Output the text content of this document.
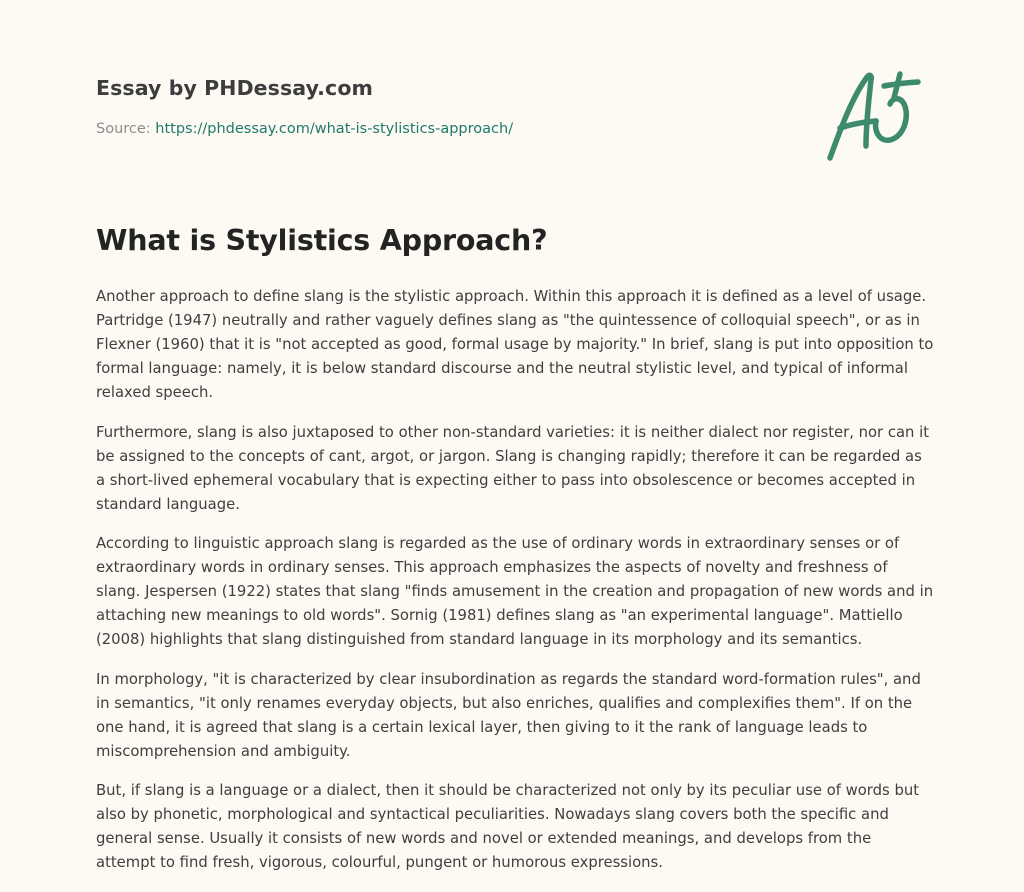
Essay by PHDessay.com
Source: https://phdessay.com/what-is-stylistics-approach/
What is Stylistics Approach?

Another approach to define slang is the stylistic approach. Within this approach it is defined as a level of usage. Partridge (1947) neutrally and rather vaguely defines slang as "the quintessence of colloquial speech", or as in Flexner (1960) that it is "not accepted as good, formal usage by majority." In brief, slang is put into opposition to formal language: namely, it is below standard discourse and the neutral stylistic level, and typical of informal relaxed speech.

Furthermore, slang is also juxtaposed to other non-standard varieties: it is neither dialect nor register, nor can it be assigned to the concepts of cant, argot, or jargon. Slang is changing rapidly; therefore it can be regarded as a short-lived ephemeral vocabulary that is expecting either to pass into obsolescence or becomes accepted in standard language.

According to linguistic approach slang is regarded as the use of ordinary words in extraordinary senses or of extraordinary words in ordinary senses. This approach emphasizes the aspects of novelty and freshness of slang. Jespersen (1922) states that slang "finds amusement in the creation and propagation of new words and in attaching new meanings to old words". Sornig (1981) defines slang as "an experimental language". Mattiello (2008) highlights that slang distinguished from standard language in its morphology and its semantics.

In morphology, "it is characterized by clear insubordination as regards the standard word-formation rules", and in semantics, "it only renames everyday objects, but also enriches, qualifies and complexifies them". If on the one hand, it is agreed that slang is a certain lexical layer, then giving to it the rank of language leads to miscomprehension and ambiguity.

But, if slang is a language or a dialect, then it should be characterized not only by its peculiar use of words but also by phonetic, morphological and syntactical peculiarities. Nowadays slang covers both the specific and general sense. Usually it consists of new words and novel or extended meanings, and develops from the attempt to find fresh, vigorous, colourful, pungent or humorous expressions.
